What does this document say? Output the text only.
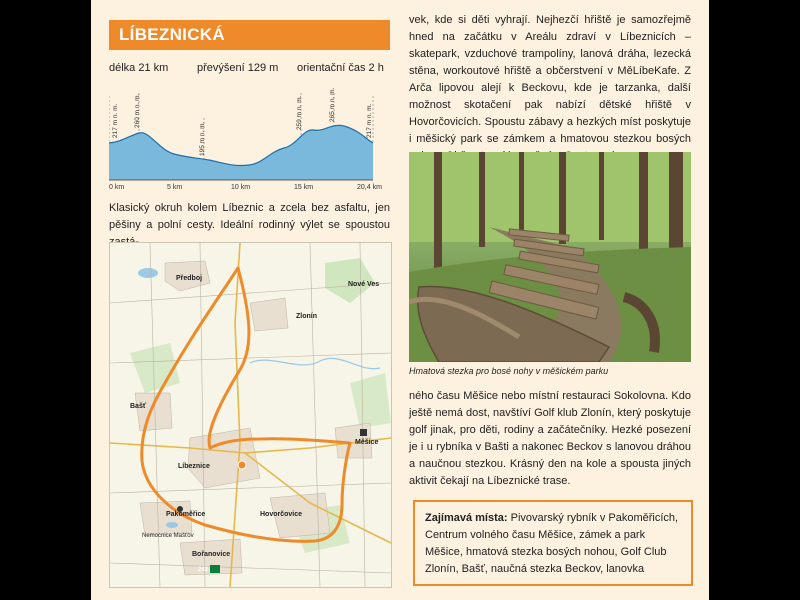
LÍBEZNICKÁ
délka 21 km	převýšení 129 m orientační čas 2 h
217 m n. m. 260 m n. m.
195 m n. m.
259 m n. m.	265 m n. m.	217 m n. m.
0 km	5 km	10 km	15 km	20,4 km
Klasický okruh kolem Líbeznic a zcela bez asfaltu, jen pěšiny a polní cesty. Ideální rodinný výlet se spoustou
Předboj
Nové Ves
Zlonín
Bašť
Líbeznice
Měšice
Pakoměřice	Hovorčovice
Bořanovice
Nemocnice Mašťov
243
vek, kde si děti vyhrají. Nejhezčí hřiště je samozřejmě hned na začátku v Areálu zdraví v Líbeznicích – skatepark, vzduchové trampolíny, lanová dráha, lezecká stěna, workoutové hřiště a občerstvení v MěLíbeKafe. Z Arča lipovou alejí k Beckovu, kde je tarzanka, další možnost skotačení pak nabízí dětské hřiště v Hovorčovicích. Spoustu zábavy a hezkých míst poskytuje i měšický park se zámkem a hmatovou stezkou bosých
Hmatová stezka pro bosé nohy v měšickém parku
ného času Měšice nebo místní restauraci Sokolovna. Kdo ještě nemá dost, navštíví Golf klub Zlonín, který poskytuje golf jinak, pro děti, rodiny a začátečníky. Hezké posezení je i u rybníka v Bašti a nakonec Beckov s lanovou dráhou a naučnou stezkou. Krásný den na kole a spousta jiných aktivit čekají na Líbeznické trase.
Zajímavá místa: Pivovarský rybník v Pakoměřicích, Centrum volného času Měšice, zámek a park Měšice, hmatová stezka bosých nohou, Golf Club Zlonín, Bašť, naučná stezka Beckov, lanovka
